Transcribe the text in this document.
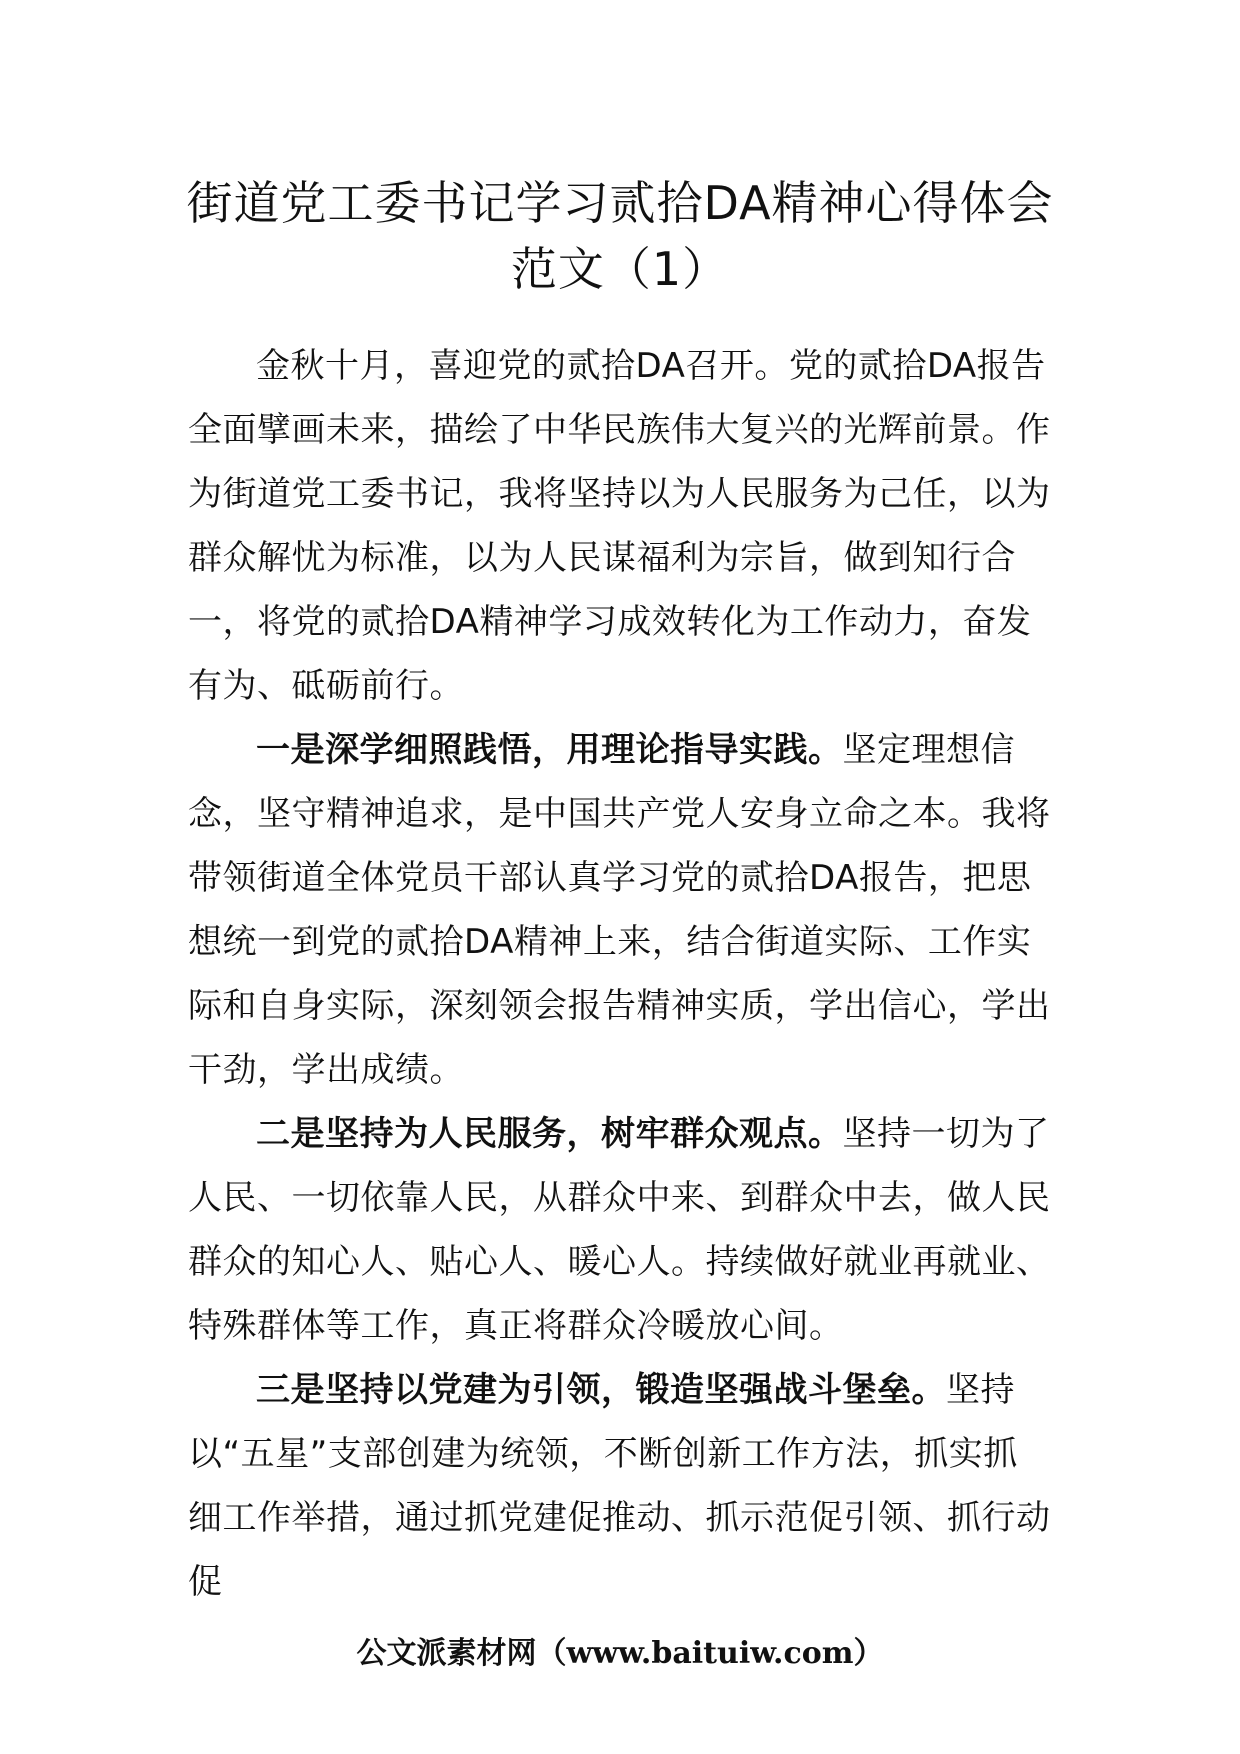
街道党工委书记学习贰拾DA精神心得体会
范文（1）

金秋十月，喜迎党的贰拾DA召开。党的贰拾DA报告全面擘画未来，描绘了中华民族伟大复兴的光辉前景。作为街道党工委书记，我将坚持以为人民服务为己任，以为群众解忧为标准，以为人民谋福利为宗旨，做到知行合一，将党的贰拾DA精神学习成效转化为工作动力，奋发有为、砥砺前行。

一是深学细照践悟，用理论指导实践。坚定理想信念，坚守精神追求，是中国共产党人安身立命之本。我将带领街道全体党员干部认真学习党的贰拾DA报告，把思想统一到党的贰拾DA精神上来，结合街道实际、工作实际和自身实际，深刻领会报告精神实质，学出信心，学出干劲，学出成绩。

二是坚持为人民服务，树牢群众观点。坚持一切为了人民、一切依靠人民，从群众中来、到群众中去，做人民群众的知心人、贴心人、暖心人。持续做好就业再就业、特殊群体等工作，真正将群众冷暖放心间。

三是坚持以党建为引领，锻造坚强战斗堡垒。坚持以“五星”支部创建为统领，不断创新工作方法，抓实抓细工作举措，通过抓党建促推动、抓示范促引领、抓行动促

公文派素材网（www.baituiw.com）
